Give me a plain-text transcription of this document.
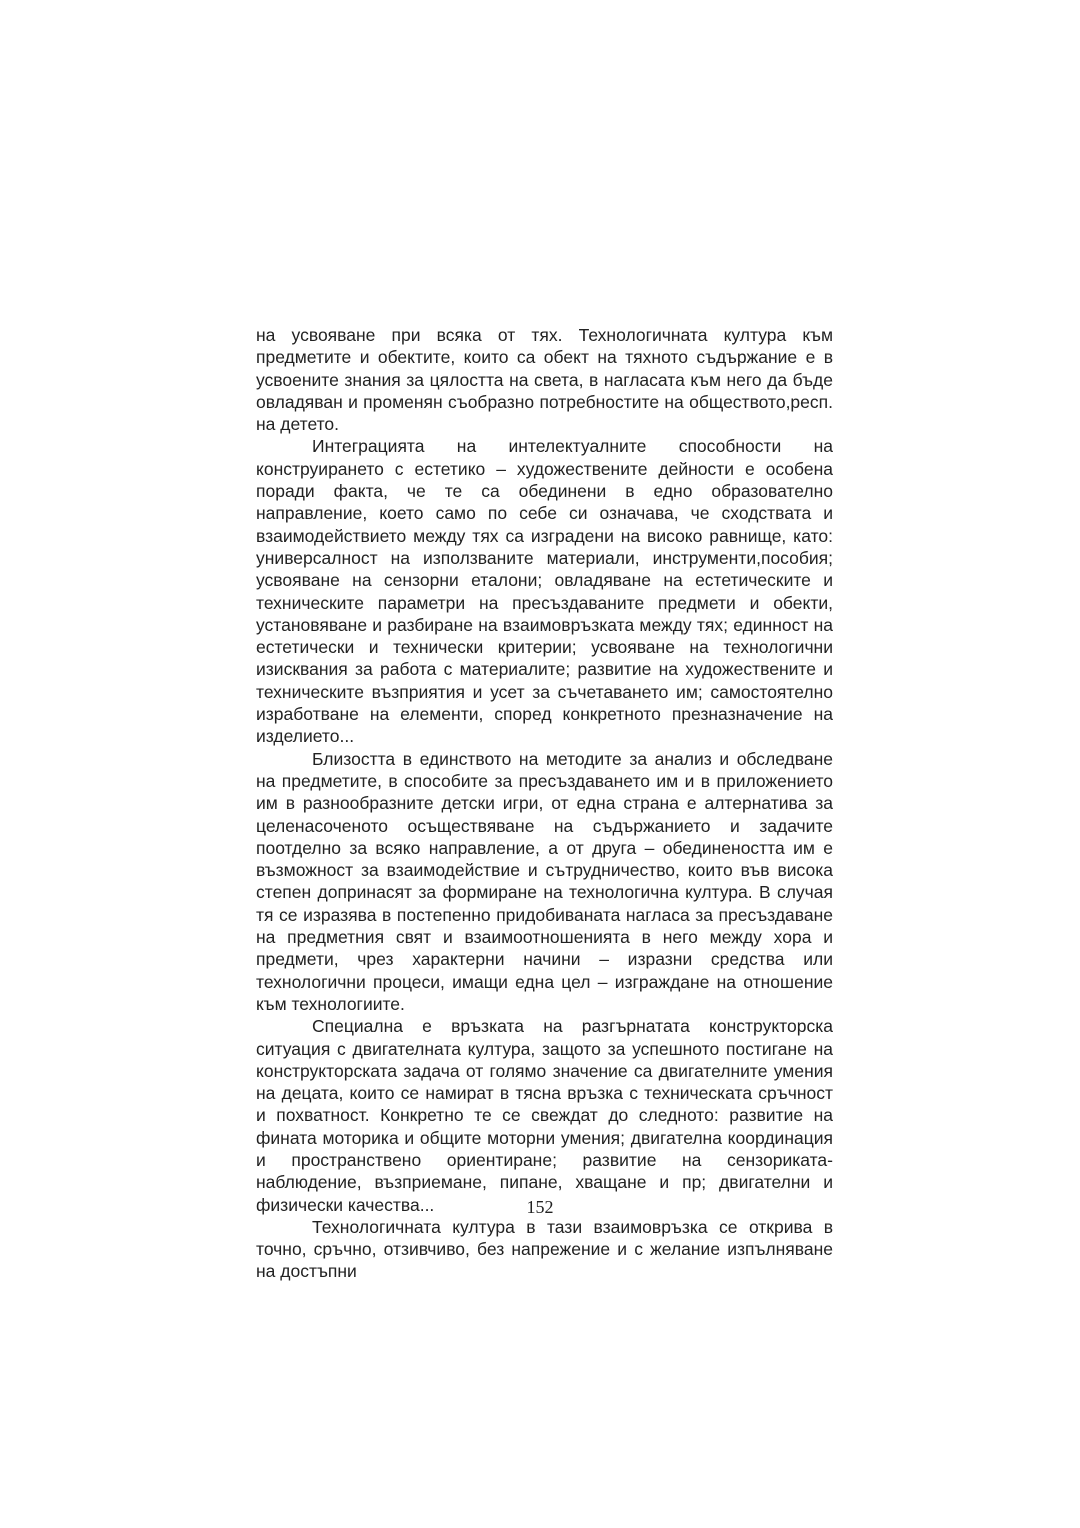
на усвояване при всяка от тях. Технологичната култура към предметите и обектите, които са обект на тяхното съдържание е в усвоените знания за цялостта на света, в нагласата към него да бъде овладяван и променян съобразно потребностите на обществото,респ. на детето.

Интеграцията на интелектуалните способности на конструирането с естетико – художествените дейности е особена поради факта, че те са обединени в едно образователно направление, което само по себе си означава, че сходствата и взаимодействието между тях са изградени на високо равнище, като: универсалност на използваните материали, инструменти,пособия; усвояване на сензорни еталони; овладяване на естетическите и техническите параметри на пресъздаваните предмети и обекти, установяване и разбиране на взаимовръзката между тях; единност на естетически и технически критерии; усвояване на технологични изисквания за работа с материалите; развитие на художествените и техническите възприятия и усет за съчетаването им; самостоятелно изработване на елементи, според конкретното презназначение на изделието...

Близостта в единството на методите за анализ и обследване на предметите, в способите за пресъздаването им и в приложението им в разнообразните детски игри, от една страна е алтернатива за целенасоченото осъществяване на съдържанието и задачите поотделно за всяко направление, а от друга – обединеността им е възможност за взаимодействие и сътрудничество, които във висока степен допринасят за формиране на технологична култура. В случая тя се изразява в постепенно придобиваната нагласа за пресъздаване на предметния свят и взаимоотношенията в него между хора и предмети, чрез характерни начини – изразни средства или технологични процеси, имащи една цел – изграждане на отношение към технологиите.

Специална е връзката на разгърнатата конструкторска ситуация с двигателната култура, защото за успешното постигане на конструкторската задача от голямо значение са двигателните умения на децата, които се намират в тясна връзка с техническата сръчност и похватност. Конкретно те се свеждат до следното: развитие на фината моторика и общите моторни умения; двигателна координация и пространствено ориентиране; развитие на сензориката- наблюдение, възприемане, пипане, хващане и пр; двигателни и физически качества...

Технологичната култура в тази взаимовръзка се открива в точно, сръчно, отзивчиво, без напрежение и с желание изпълняване на достъпни

152
